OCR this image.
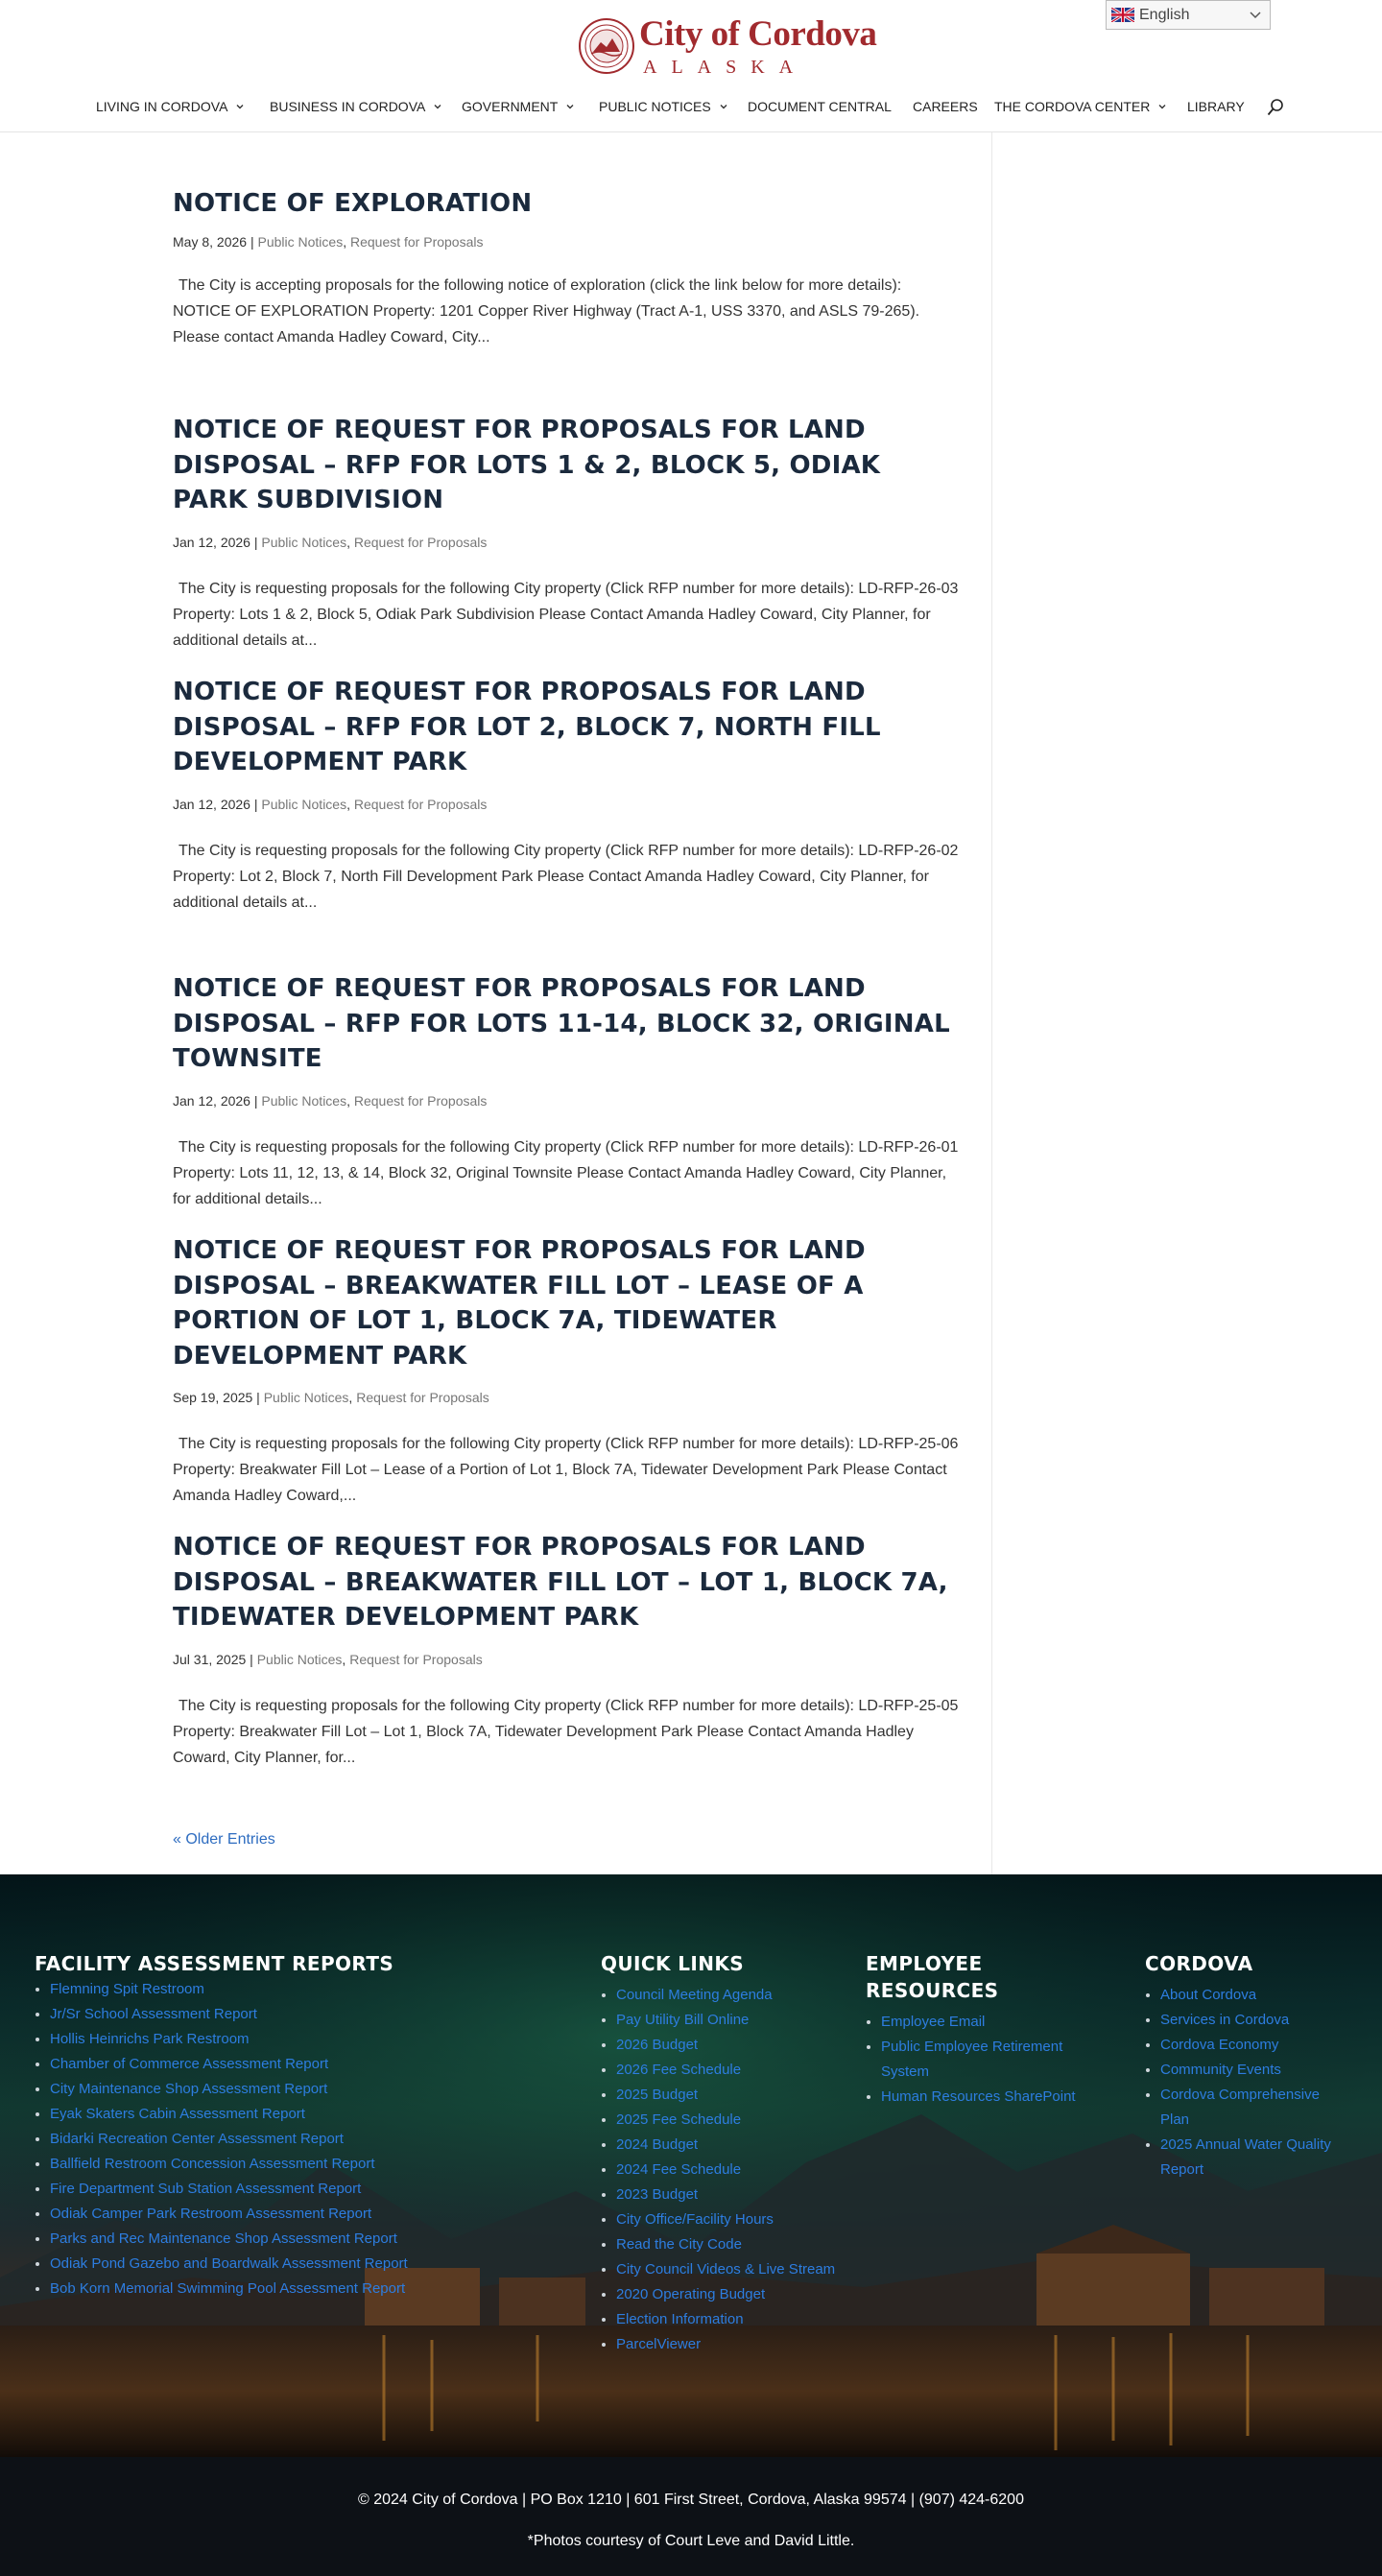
City of Cordova
ALASKA
English
LIVING IN CORDOVA	BUSINESS IN CORDOVA	GOVERNMENT	PUBLIC NOTICES	DOCUMENT CENTRAL CAREERS THE CORDOVA CENTER	LIBRARY
NOTICE OF EXPLORATION
May 8, 2026 | Public Notices, Request for Proposals

The City is accepting proposals for the following notice of exploration (click the link below for more details): NOTICE OF EXPLORATION Property: 1201 Copper River Highway (Tract A-1, USS 3370, and ASLS 79-265). Please contact Amanda Hadley Coward, City...

NOTICE OF REQUEST FOR PROPOSALS FOR LAND DISPOSAL – RFP FOR LOTS 1 & 2, BLOCK 5, ODIAK PARK SUBDIVISION
Jan 12, 2026 | Public Notices, Request for Proposals

The City is requesting proposals for the following City property (Click RFP number for more details): LD-RFP-26-03 Property: Lots 1 & 2, Block 5, Odiak Park Subdivision Please Contact Amanda Hadley Coward, City Planner, for additional details at...

NOTICE OF REQUEST FOR PROPOSALS FOR LAND DISPOSAL – RFP FOR LOT 2, BLOCK 7, NORTH FILL DEVELOPMENT PARK
Jan 12, 2026 | Public Notices, Request for Proposals

The City is requesting proposals for the following City property (Click RFP number for more details): LD-RFP-26-02 Property: Lot 2, Block 7, North Fill Development Park Please Contact Amanda Hadley Coward, City Planner, for additional details at...

NOTICE OF REQUEST FOR PROPOSALS FOR LAND DISPOSAL – RFP FOR LOTS 11-14, BLOCK 32, ORIGINAL TOWNSITE
Jan 12, 2026 | Public Notices, Request for Proposals

The City is requesting proposals for the following City property (Click RFP number for more details): LD-RFP-26-01 Property: Lots 11, 12, 13, & 14, Block 32, Original Townsite Please Contact Amanda Hadley Coward, City Planner, for additional details...

NOTICE OF REQUEST FOR PROPOSALS FOR LAND DISPOSAL – BREAKWATER FILL LOT – LEASE OF A PORTION OF LOT 1, BLOCK 7A, TIDEWATER DEVELOPMENT PARK
Sep 19, 2025 | Public Notices, Request for Proposals

The City is requesting proposals for the following City property (Click RFP number for more details): LD-RFP-25-06 Property: Breakwater Fill Lot – Lease of a Portion of Lot 1, Block 7A, Tidewater Development Park Please Contact Amanda Hadley Coward,...

NOTICE OF REQUEST FOR PROPOSALS FOR LAND DISPOSAL – BREAKWATER FILL LOT – LOT 1, BLOCK 7A, TIDEWATER DEVELOPMENT PARK
Jul 31, 2025 | Public Notices, Request for Proposals

The City is requesting proposals for the following City property (Click RFP number for more details): LD-RFP-25-05 Property: Breakwater Fill Lot – Lot 1, Block 7A, Tidewater Development Park Please Contact Amanda Hadley Coward, City Planner, for...

« Older Entries
FACILITY ASSESSMENT REPORTS
• Flemning Spit Restroom
• Jr/Sr School Assessment Report
• Hollis Heinrichs Park Restroom
• Chamber of Commerce Assessment Report
• City Maintenance Shop Assessment Report
• Eyak Skaters Cabin Assessment Report
• Bidarki Recreation Center Assessment Report
• Ballfield Restroom Concession Assessment Report
• Fire Department Sub Station Assessment Report
• Odiak Camper Park Restroom Assessment Report
• Parks and Rec Maintenance Shop Assessment Report
• Odiak Pond Gazebo and Boardwalk Assessment Report
• Bob Korn Memorial Swimming Pool Assessment Report
QUICK LINKS
• Council Meeting Agenda
• Pay Utility Bill Online
• 2026 Budget
• 2026 Fee Schedule
• 2025 Budget
• 2025 Fee Schedule
• 2024 Budget
• 2024 Fee Schedule
• 2023 Budget
• City Office/Facility Hours
• Read the City Code
• City Council Videos & Live Stream
• 2020 Operating Budget
• Election Information
• ParcelViewer
EMPLOYEE RESOURCES
• Employee Email
• Public Employee Retirement System
• Human Resources SharePoint
CORDOVA
• About Cordova
• Services in Cordova
• Cordova Economy
• Community Events
• Cordova Comprehensive Plan
• 2025 Annual Water Quality Report
© 2024 City of Cordova | PO Box 1210 | 601 First Street, Cordova, Alaska 99574 | (907) 424-6200
*Photos courtesy of Court Leve and David Little.
